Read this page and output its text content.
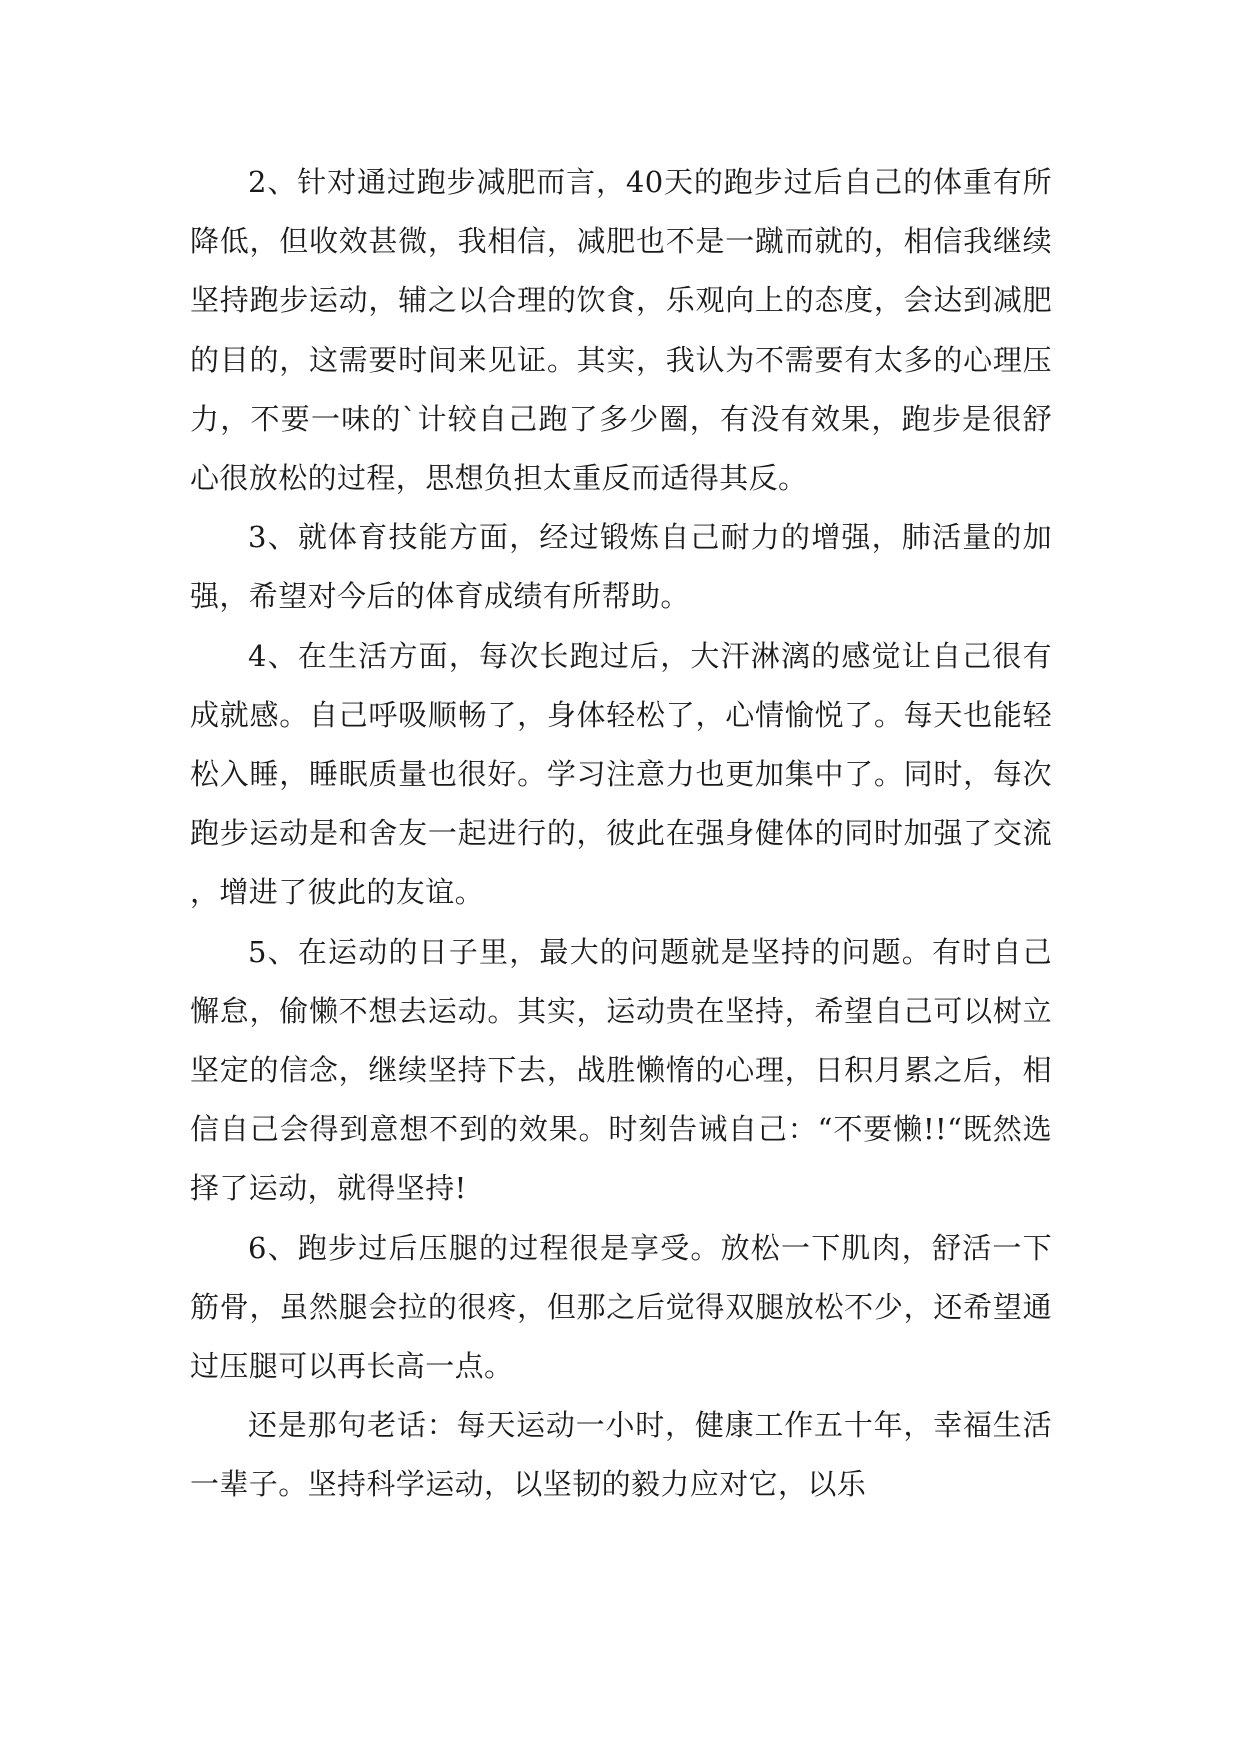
2、针对通过跑步减肥而言，40天的跑步过后自己的体重有所降低，但收效甚微，我相信，减肥也不是一蹴而就的，相信我继续坚持跑步运动，辅之以合理的饮食，乐观向上的态度，会达到减肥的目的，这需要时间来见证。其实，我认为不需要有太多的心理压力，不要一味的`计较自己跑了多少圈，有没有效果，跑步是很舒心很放松的过程，思想负担太重反而适得其反。

3、就体育技能方面，经过锻炼自己耐力的增强，肺活量的加强，希望对今后的体育成绩有所帮助。

4、在生活方面，每次长跑过后，大汗淋漓的感觉让自己很有成就感。自己呼吸顺畅了，身体轻松了，心情愉悦了。每天也能轻松入睡，睡眠质量也很好。学习注意力也更加集中了。同时，每次跑步运动是和舍友一起进行的，彼此在强身健体的同时加强了交流，增进了彼此的友谊。

5、在运动的日子里，最大的问题就是坚持的问题。有时自己懈怠，偷懒不想去运动。其实，运动贵在坚持，希望自己可以树立坚定的信念，继续坚持下去，战胜懒惰的心理，日积月累之后，相信自己会得到意想不到的效果。时刻告诫自己：“不要懒!!“既然选择了运动，就得坚持!

6、跑步过后压腿的过程很是享受。放松一下肌肉，舒活一下筋骨，虽然腿会拉的很疼，但那之后觉得双腿放松不少，还希望通过压腿可以再长高一点。

还是那句老话：每天运动一小时，健康工作五十年，幸福生活一辈子。坚持科学运动，以坚韧的毅力应对它，以乐
